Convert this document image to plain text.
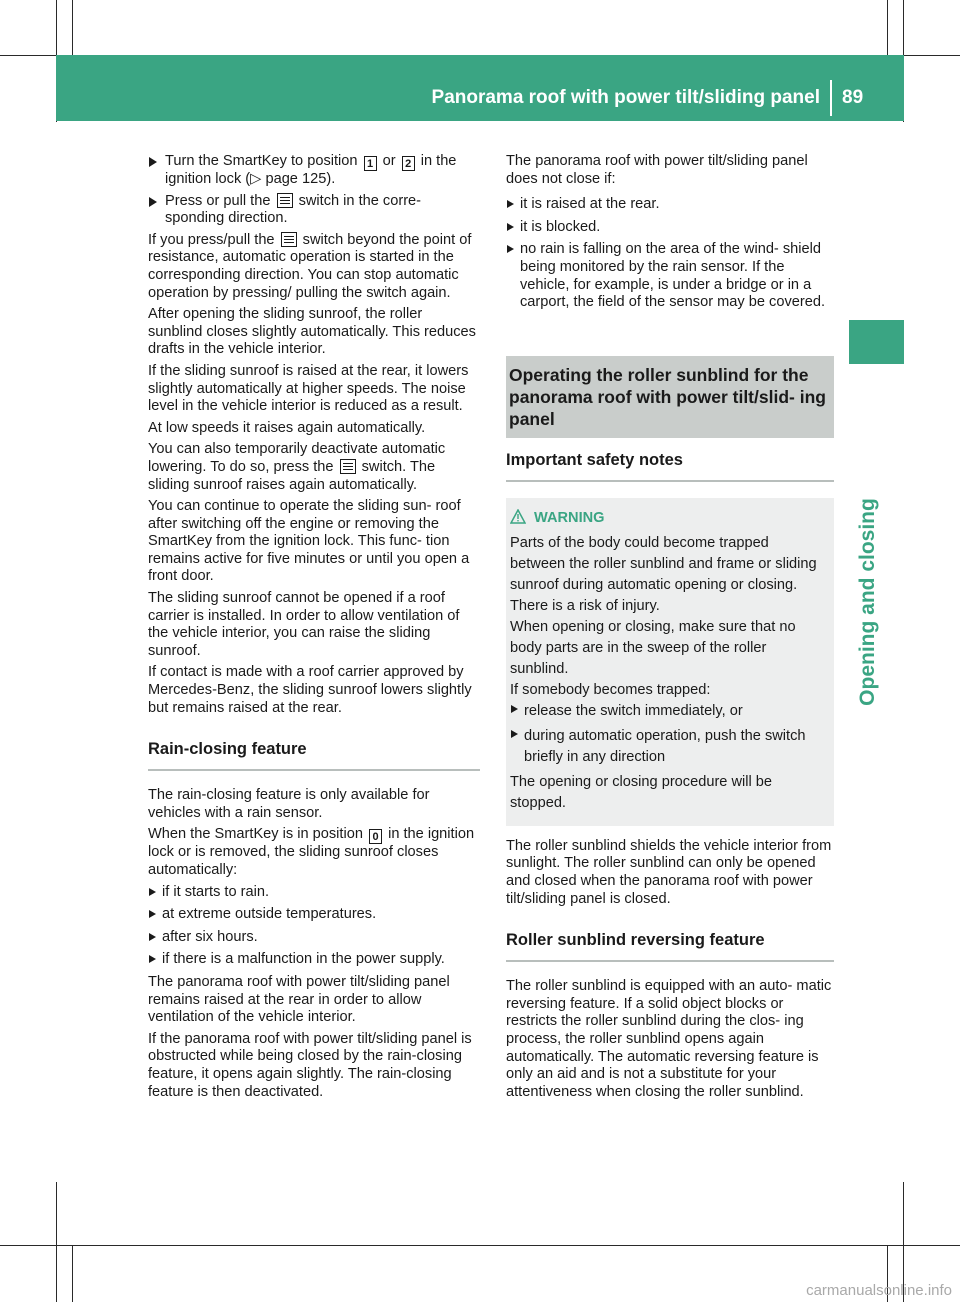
Panorama roof with power tilt/sliding panel 89
Opening and closing
Turn the SmartKey to position 1 or 2 in the ignition lock (▷ page 125).
Press or pull the  switch in the corre- sponding direction.

If you press/pull the  switch beyond the point of resistance, automatic operation is started in the corresponding direction. You can stop automatic operation by pressing/ pulling the switch again.

After opening the sliding sunroof, the roller sunblind closes slightly automatically. This reduces drafts in the vehicle interior.

If the sliding sunroof is raised at the rear, it lowers slightly automatically at higher speeds. The noise level in the vehicle interior is reduced as a result.

At low speeds it raises again automatically.

You can also temporarily deactivate automatic lowering. To do so, press the  switch. The sliding sunroof raises again automatically.

You can continue to operate the sliding sun- roof after switching off the engine or removing the SmartKey from the ignition lock. This func- tion remains active for five minutes or until you open a front door.

The sliding sunroof cannot be opened if a roof carrier is installed. In order to allow ventilation of the vehicle interior, you can raise the sliding sunroof.

If contact is made with a roof carrier approved by Mercedes-Benz, the sliding sunroof lowers slightly but remains raised at the rear.

Rain-closing feature

The rain-closing feature is only available for vehicles with a rain sensor.

When the SmartKey is in position 0 in the ignition lock or is removed, the sliding sunroof closes automatically:

if it starts to rain.
at extreme outside temperatures.
after six hours.
if there is a malfunction in the power supply.

The panorama roof with power tilt/sliding panel remains raised at the rear in order to allow ventilation of the vehicle interior.

If the panorama roof with power tilt/sliding panel is obstructed while being closed by the rain-closing feature, it opens again slightly. The rain-closing feature is then deactivated.

The panorama roof with power tilt/sliding panel does not close if:

it is raised at the rear.
it is blocked.
no rain is falling on the area of the wind- shield being monitored by the rain sensor. If the vehicle, for example, is under a bridge or in a carport, the field of the sensor may be covered.
Operating the roller sunblind for the panorama roof with power tilt/slid- ing panel
Important safety notes

WARNING

Parts of the body could become trapped between the roller sunblind and frame or sliding sunroof during automatic opening or closing. There is a risk of injury.

When opening or closing, make sure that no body parts are in the sweep of the roller sunblind.

If somebody becomes trapped:

release the switch immediately, or
during automatic operation, push the switch briefly in any direction

The opening or closing procedure will be stopped.

The roller sunblind shields the vehicle interior from sunlight. The roller sunblind can only be opened and closed when the panorama roof with power tilt/sliding panel is closed.

Roller sunblind reversing feature

The roller sunblind is equipped with an auto- matic reversing feature. If a solid object blocks or restricts the roller sunblind during the clos- ing process, the roller sunblind opens again automatically. The automatic reversing feature is only an aid and is not a substitute for your attentiveness when closing the roller sunblind.

carmanualsonline.info
